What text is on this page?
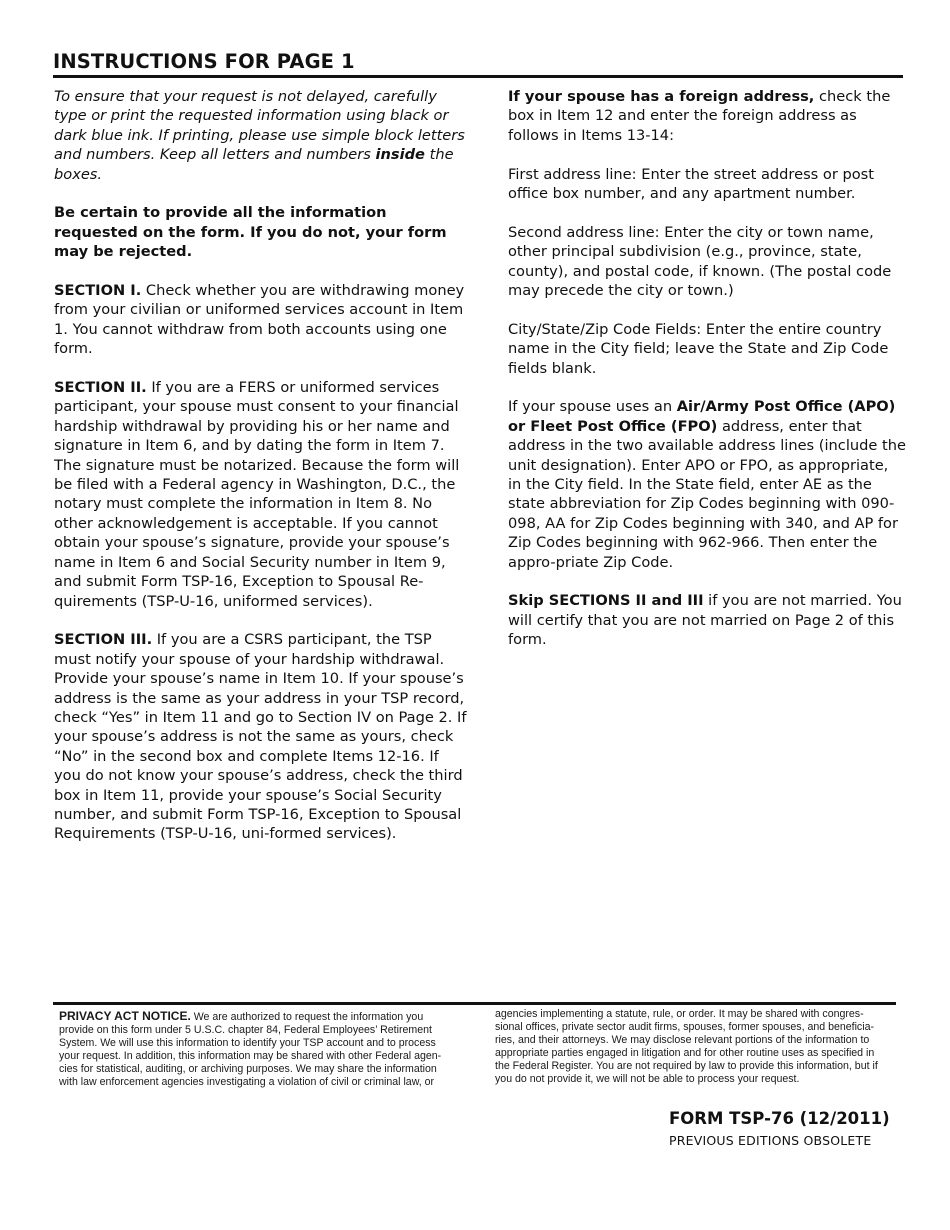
INSTRUCTIONS FOR PAGE 1

To ensure that your request is not delayed, carefully type or print the requested information using black or dark blue ink. If printing, please use simple block letters and numbers. Keep all letters and numbers inside the boxes.

Be certain to provide all the information requested on the form. If you do not, your form may be rejected.

SECTION I. Check whether you are withdrawing money from your civilian or uniformed services account in Item 1. You cannot withdraw from both accounts using one form.

SECTION II. If you are a FERS or uniformed services participant, your spouse must consent to your financial hardship withdrawal by providing his or her name and signature in Item 6, and by dating the form in Item 7. The signature must be notarized. Because the form will be filed with a Federal agency in Washington, D.C., the notary must complete the information in Item 8. No other acknowledgement is acceptable. If you cannot obtain your spouse’s signature, provide your spouse’s name in Item 6 and Social Security number in Item 9, and submit Form TSP-16, Exception to Spousal Re-quirements (TSP-U-16, uniformed services).

SECTION III. If you are a CSRS participant, the TSP must notify your spouse of your hardship withdrawal. Provide your spouse’s name in Item 10. If your spouse’s address is the same as your address in your TSP record, check “Yes” in Item 11 and go to Section IV on Page 2. If your spouse’s address is not the same as yours, check “No” in the second box and complete Items 12-16. If you do not know your spouse’s address, check the third box in Item 11, provide your spouse’s Social Security number, and submit Form TSP-16, Exception to Spousal Requirements (TSP-U-16, uni-formed services).

If your spouse has a foreign address, check the box in Item 12 and enter the foreign address as follows in Items 13-14:

First address line: Enter the street address or post office box number, and any apartment number.

Second address line: Enter the city or town name, other principal subdivision (e.g., province, state, county), and postal code, if known. (The postal code may precede the city or town.)

City/State/Zip Code Fields: Enter the entire country name in the City field; leave the State and Zip Code fields blank.

If your spouse uses an Air/Army Post Office (APO) or Fleet Post Office (FPO) address, enter that address in the two available address lines (include the unit designation). Enter APO or FPO, as appropriate, in the City field. In the State field, enter AE as the state abbreviation for Zip Codes beginning with 090-098, AA for Zip Codes beginning with 340, and AP for Zip Codes beginning with 962-966. Then enter the appro-priate Zip Code.

Skip SECTIONS II and III if you are not married. You will certify that you are not married on Page 2 of this form.

PRIVACY ACT NOTICE. We are authorized to request the information you provide on this form under 5 U.S.C. chapter 84, Federal Employees’ Retirement System. We will use this information to identify your TSP account and to process your request. In addition, this information may be shared with other Federal agen-cies for statistical, auditing, or archiving purposes. We may share the information with law enforcement agencies investigating a violation of civil or criminal law, or
agencies implementing a statute, rule, or order. It may be shared with congres-sional offices, private sector audit firms, spouses, former spouses, and beneficia-ries, and their attorneys. We may disclose relevant portions of the information to appropriate parties engaged in litigation and for other routine uses as specified in the Federal Register. You are not required by law to provide this information, but if you do not provide it, we will not be able to process your request.
FORM TSP-76 (12/2011)
PREVIOUS EDITIONS OBSOLETE
